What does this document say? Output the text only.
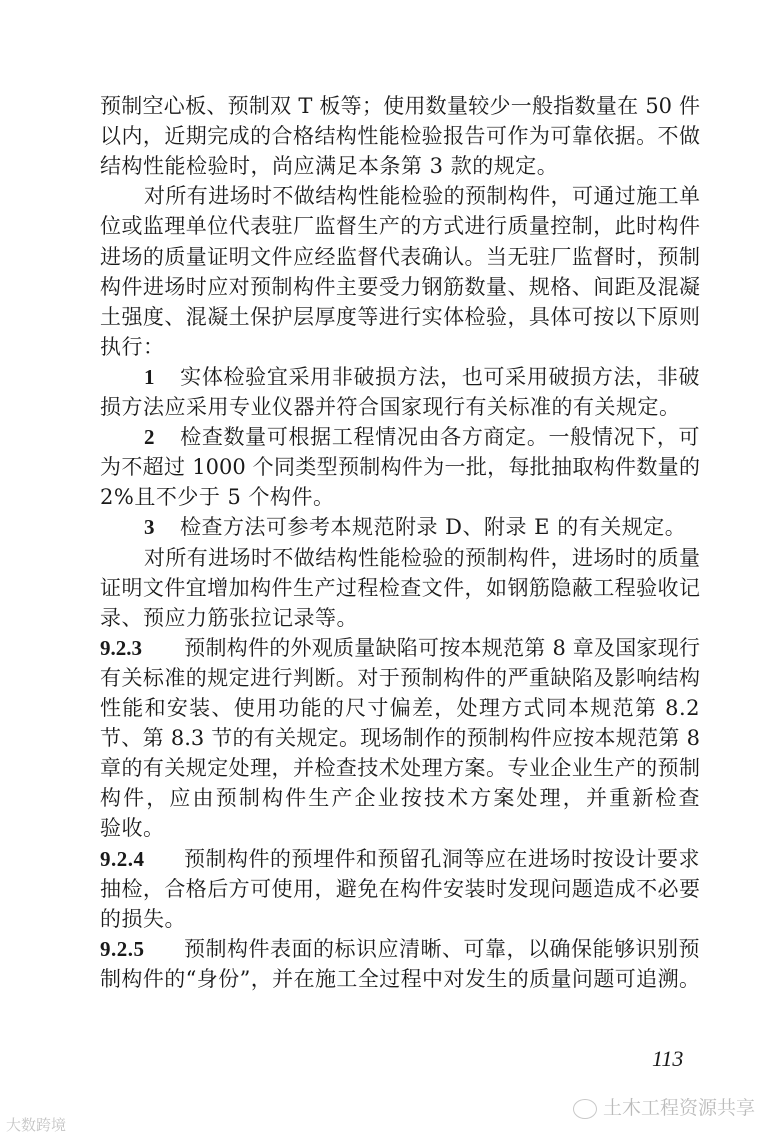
预制空心板、预制双 T 板等；使用数量较少一般指数量在 50 件
以内，近期完成的合格结构性能检验报告可作为可靠依据。不做
结构性能检验时，尚应满足本条第 3 款的规定。
对所有进场时不做结构性能检验的预制构件，可通过施工单
位或监理单位代表驻厂监督生产的方式进行质量控制，此时构件
进场的质量证明文件应经监督代表确认。当无驻厂监督时，预制
构件进场时应对预制构件主要受力钢筋数量、规格、间距及混凝
土强度、混凝土保护层厚度等进行实体检验，具体可按以下原则
执行：
1 实体检验宜采用非破损方法，也可采用破损方法，非破
损方法应采用专业仪器并符合国家现行有关标准的有关规定。
2 检查数量可根据工程情况由各方商定。一般情况下，可
为不超过 1000 个同类型预制构件为一批，每批抽取构件数量的
2%且不少于 5 个构件。
3 检查方法可参考本规范附录 D、附录 E 的有关规定。
对所有进场时不做结构性能检验的预制构件，进场时的质量
证明文件宜增加构件生产过程检查文件，如钢筋隐蔽工程验收记
录、预应力筋张拉记录等。
9.2.3 预制构件的外观质量缺陷可按本规范第 8 章及国家现行
有关标准的规定进行判断。对于预制构件的严重缺陷及影响结构
性能和安装、使用功能的尺寸偏差，处理方式同本规范第 8.2
节、第 8.3 节的有关规定。现场制作的预制构件应按本规范第 8
章的有关规定处理，并检查技术处理方案。专业企业生产的预制
构件，应由预制构件生产企业按技术方案处理，并重新检查
验收。
9.2.4 预制构件的预埋件和预留孔洞等应在进场时按设计要求
抽检，合格后方可使用，避免在构件安装时发现问题造成不必要
的损失。
9.2.5 预制构件表面的标识应清晰、可靠，以确保能够识别预
制构件的“身份”，并在施工全过程中对发生的质量问题可追溯。
113
土木工程资源共享
大数跨境
